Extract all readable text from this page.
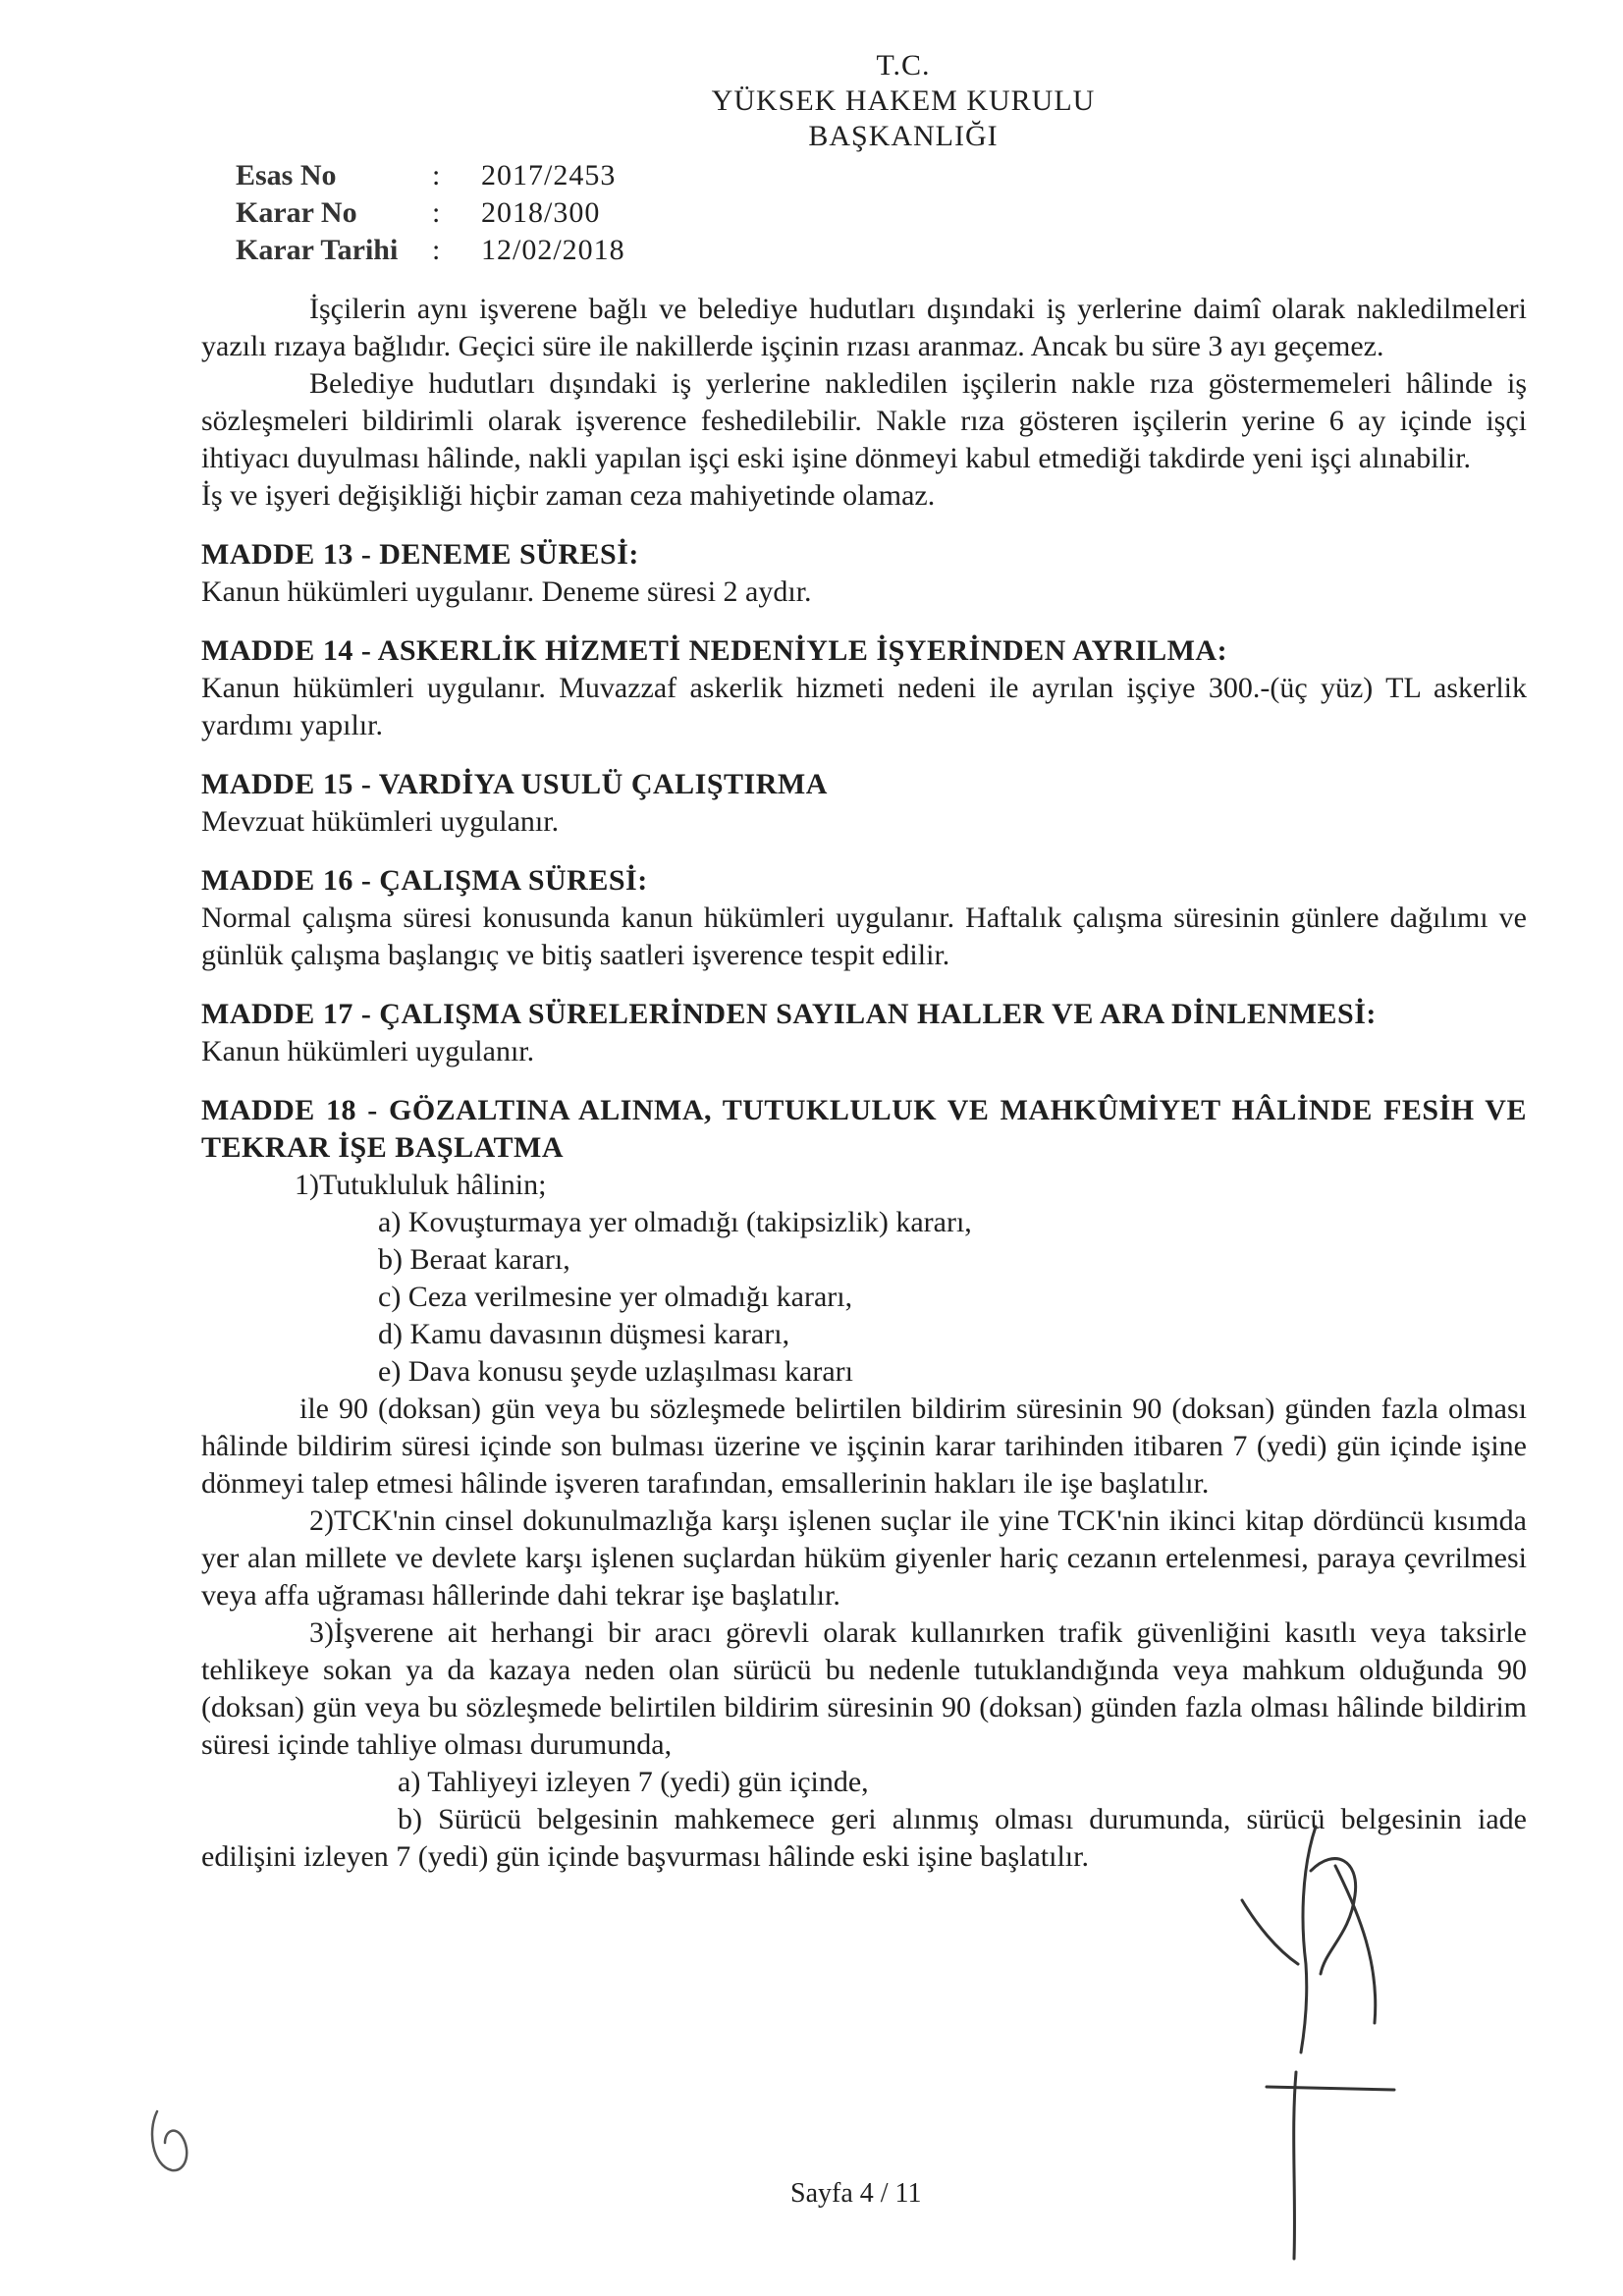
T.C.
YÜKSEK HAKEM KURULU
BAŞKANLIĞI
Esas No	:	2017/2453
Karar No	:	2018/300
Karar Tarihi	:	12/02/2018

İşçilerin aynı işverene bağlı ve belediye hudutları dışındaki iş yerlerine daimî olarak nakledilmeleri yazılı rızaya bağlıdır. Geçici süre ile nakillerde işçinin rızası aranmaz. Ancak bu süre 3 ayı geçemez.

Belediye hudutları dışındaki iş yerlerine nakledilen işçilerin nakle rıza göstermemeleri hâlinde iş sözleşmeleri bildirimli olarak işverence feshedilebilir. Nakle rıza gösteren işçilerin yerine 6 ay içinde işçi ihtiyacı duyulması hâlinde, nakli yapılan işçi eski işine dönmeyi kabul etmediği takdirde yeni işçi alınabilir.

İş ve işyeri değişikliği hiçbir zaman ceza mahiyetinde olamaz.

MADDE 13 - DENEME SÜRESİ:

Kanun hükümleri uygulanır. Deneme süresi 2 aydır.

MADDE 14 - ASKERLİK HİZMETİ NEDENİYLE İŞYERİNDEN AYRILMA:

Kanun hükümleri uygulanır. Muvazzaf askerlik hizmeti nedeni ile ayrılan işçiye 300.-(üç yüz) TL askerlik yardımı yapılır.

MADDE 15 - VARDİYA USULÜ ÇALIŞTIRMA

Mevzuat hükümleri uygulanır.

MADDE 16 - ÇALIŞMA SÜRESİ:

Normal çalışma süresi konusunda kanun hükümleri uygulanır. Haftalık çalışma süresinin günlere dağılımı ve günlük çalışma başlangıç ve bitiş saatleri işverence tespit edilir.

MADDE 17 - ÇALIŞMA SÜRELERİNDEN SAYILAN HALLER VE ARA DİNLENMESİ:

Kanun hükümleri uygulanır.

MADDE 18 - GÖZALTINA ALINMA, TUTUKLULUK VE MAHKÛMİYET HÂLİNDE FESİH VE TEKRAR İŞE BAŞLATMA

1)Tutukluluk hâlinin;

a) Kovuşturmaya yer olmadığı (takipsizlik) kararı,

b) Beraat kararı,

c) Ceza verilmesine yer olmadığı kararı,

d) Kamu davasının düşmesi kararı,

e) Dava konusu şeyde uzlaşılması kararı

ile 90 (doksan) gün veya bu sözleşmede belirtilen bildirim süresinin 90 (doksan) günden fazla olması hâlinde bildirim süresi içinde son bulması üzerine ve işçinin karar tarihinden itibaren 7 (yedi) gün içinde işine dönmeyi talep etmesi hâlinde işveren tarafından, emsallerinin hakları ile işe başlatılır.

2)TCK'nin cinsel dokunulmazlığa karşı işlenen suçlar ile yine TCK'nin ikinci kitap dördüncü kısımda yer alan millete ve devlete karşı işlenen suçlardan hüküm giyenler hariç cezanın ertelenmesi, paraya çevrilmesi veya affa uğraması hâllerinde dahi tekrar işe başlatılır.

3)İşverene ait herhangi bir aracı görevli olarak kullanırken trafik güvenliğini kasıtlı veya taksirle tehlikeye sokan ya da kazaya neden olan sürücü bu nedenle tutuklandığında veya mahkum olduğunda 90 (doksan) gün veya bu sözleşmede belirtilen bildirim süresinin 90 (doksan) günden fazla olması hâlinde bildirim süresi içinde tahliye olması durumunda,

a) Tahliyeyi izleyen 7 (yedi) gün içinde,

b) Sürücü belgesinin mahkemece geri alınmış olması durumunda, sürücü belgesinin iade edilişini izleyen 7 (yedi) gün içinde başvurması hâlinde eski işine başlatılır.

Sayfa 4 / 11
